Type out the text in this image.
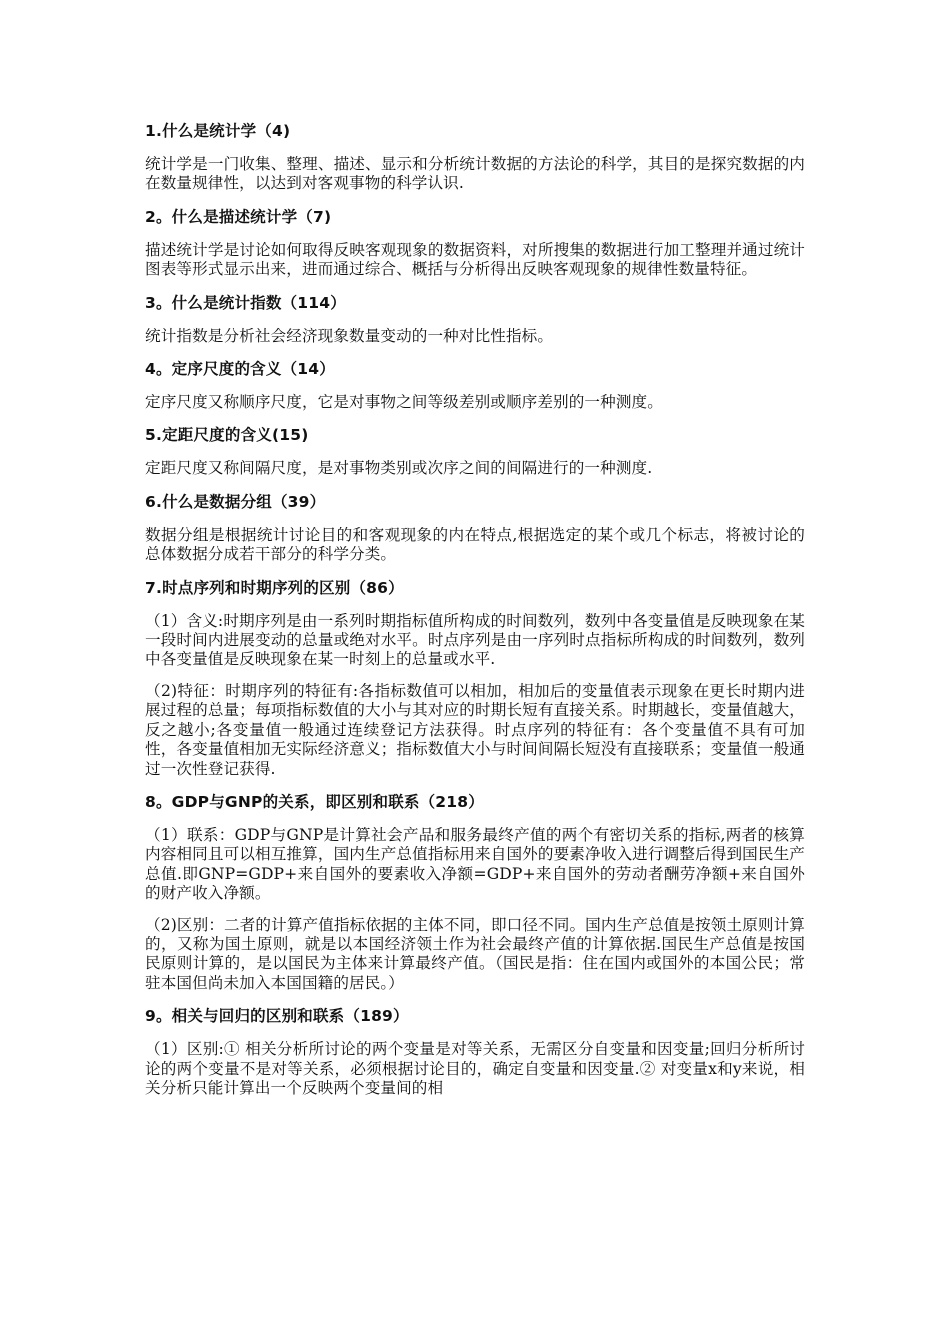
1.什么是统计学（4)
统计学是一门收集、整理、描述、显示和分析统计数据的方法论的科学，其目的是探究数据的内在数量规律性，以达到对客观事物的科学认识.
2。什么是描述统计学（7)
描述统计学是讨论如何取得反映客观现象的数据资料，对所搜集的数据进行加工整理并通过统计图表等形式显示出来，进而通过综合、概括与分析得出反映客观现象的规律性数量特征。
3。什么是统计指数（114）
统计指数是分析社会经济现象数量变动的一种对比性指标。
4。定序尺度的含义（14）
定序尺度又称顺序尺度，它是对事物之间等级差别或顺序差别的一种测度。
5.定距尺度的含义(15)
定距尺度又称间隔尺度，是对事物类别或次序之间的间隔进行的一种测度.
6.什么是数据分组（39）
数据分组是根据统计讨论目的和客观现象的内在特点,根据选定的某个或几个标志，将被讨论的总体数据分成若干部分的科学分类。
7.时点序列和时期序列的区别（86）
（1）含义:时期序列是由一系列时期指标值所构成的时间数列，数列中各变量值是反映现象在某一段时间内进展变动的总量或绝对水平。时点序列是由一序列时点指标所构成的时间数列，数列中各变量值是反映现象在某一时刻上的总量或水平.
（2)特征：时期序列的特征有:各指标数值可以相加，相加后的变量值表示现象在更长时期内进展过程的总量；每项指标数值的大小与其对应的时期长短有直接关系。时期越长，变量值越大，反之越小;各变量值一般通过连续登记方法获得。时点序列的特征有：各个变量值不具有可加性，各变量值相加无实际经济意义；指标数值大小与时间间隔长短没有直接联系；变量值一般通过一次性登记获得.
8。GDP与GNP的关系，即区别和联系（218）
（1）联系：GDP与GNP是计算社会产品和服务最终产值的两个有密切关系的指标,两者的核算内容相同且可以相互推算，国内生产总值指标用来自国外的要素净收入进行调整后得到国民生产总值.即GNP=GDP+来自国外的要素收入净额=GDP+来自国外的劳动者酬劳净额+来自国外的财产收入净额。
（2)区别：二者的计算产值指标依据的主体不同，即口径不同。国内生产总值是按领土原则计算的，又称为国土原则，就是以本国经济领土作为社会最终产值的计算依据.国民生产总值是按国民原则计算的，是以国民为主体来计算最终产值。（国民是指：住在国内或国外的本国公民；常驻本国但尚未加入本国国籍的居民。）
9。相关与回归的区别和联系（189）
（1）区别:① 相关分析所讨论的两个变量是对等关系，无需区分自变量和因变量;回归分析所讨论的两个变量不是对等关系，必须根据讨论目的，确定自变量和因变量.② 对变量x和y来说，相关分析只能计算出一个反映两个变量间的相
